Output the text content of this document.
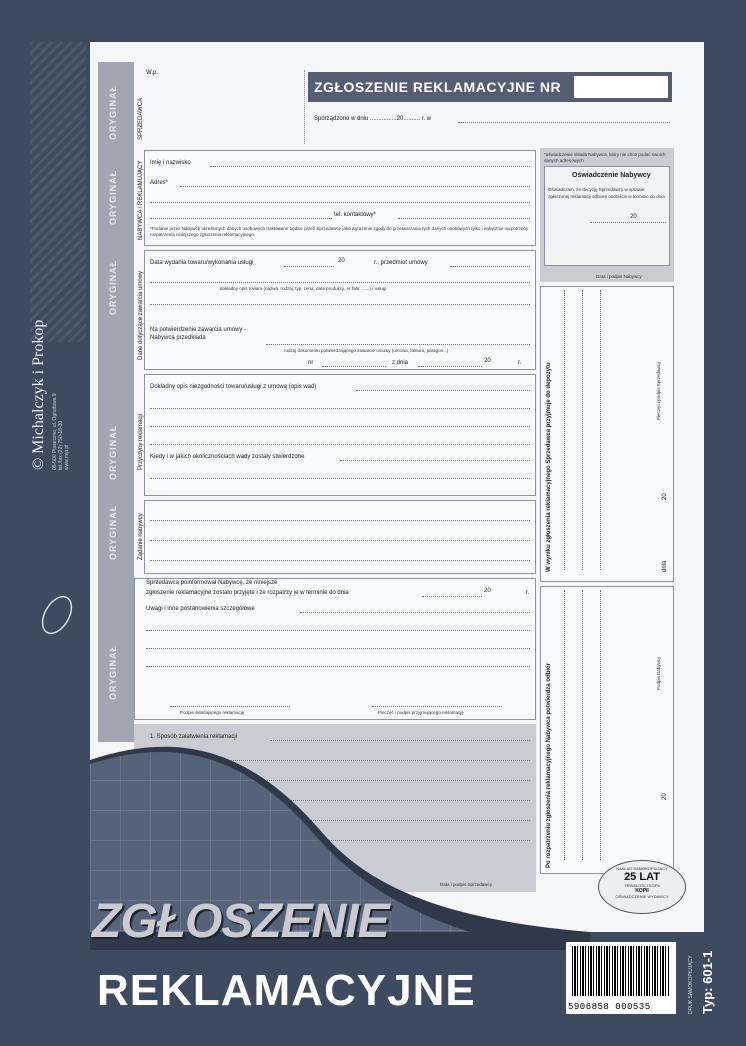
© Michalczyk i Prokop 05-500 Piaseczno, ul. Ogrodowa 9 tel./fax (22) 750-18-30 www.mip.pl
ORYGINAŁ
ORYGINAŁ
ORYGINAŁ
ORYGINAŁ
ORYGINAŁ
ORYGINAŁ
SPRZEDAWCA
NABYWCA / REKLAMUJĄCY
Dane dotyczące zawarcia umowy
Przyczyny reklamacji
Żądanie nabywcy
W.p.
ZGŁOSZENIE REKLAMACYJNE NR
Sporządzono w dniu ................20.......... r. w
Imię i nazwisko
Adres*
tel. kontaktowy*
*Podanie przez Nabywcę określonych danych osobowych traktowane będzie przez Sprzedawcę jako wyrażenie zgody do przetwarzania tych danych osobowych tylko i wyłącznie na potrzeby rozpatrzenia niniejszego zgłoszenia reklamacyjnego.
*oświadczenie składa Nabywca, który nie chce podać swoich danych adresowych
Oświadczenie Nabywcy
Oświadczam, że decyzję Sprzedawcy w sprawie zgłoszonej reklamacji odbiorę osobiście w terminie do dnia
20
Data i podpis Nabywcy
Data wydania towaru/wykonania usługi	20	r., przedmiot umowy
dokładny opis towaru (nazwa, rodzaj, typ, cena, data produkcji, nr fabr. ......) / usługi
Na potwierdzenie zawarcia umowy - Nabywca przedkłada
rodzaj dokumentu potwierdzającego zawarcie umowy (umowa, faktura, paragon...)
nr	z dnia	20	r.
Dokładny opis niezgodności towaru/usługi z umową (opis wad)
Kiedy i w jakich okolicznościach wady zostały stwierdzone
Sprzedawca poinformował Nabywcę, że niniejsze
zgłoszenie reklamacyjne zostało przyjęte i że rozpatrzy je w terminie do dnia	20	r.
Uwagi i inne postanowienia szczegółowe
Podpis składającego reklamację	Pieczęć i podpis przyjmującego reklamację
1. Sposób załatwienia reklamacji
Data i podpis Sprzedawcy
W wyniku zgłoszenia reklamacyjnego Sprzedawca przyjmuje do depozytu	Pieczęć i podpis Sprzedawcy
20
dnia
Po rozpatrzeniu zgłoszenia reklamacyjnego Nabywca potwierdza odbiór	Podpis Nabywcy
20
NAKŁAD SAMOKOPIUJĄCY
25 LAT
TRWAŁOŚCI KOPII
KOPII
OŚWIADCZENIE WYDAWCY
ZGŁOSZENIE
REKLAMACYJNE	5906858 000535	DRUK SAMOKOPIUJĄCY Typ: 601-1
